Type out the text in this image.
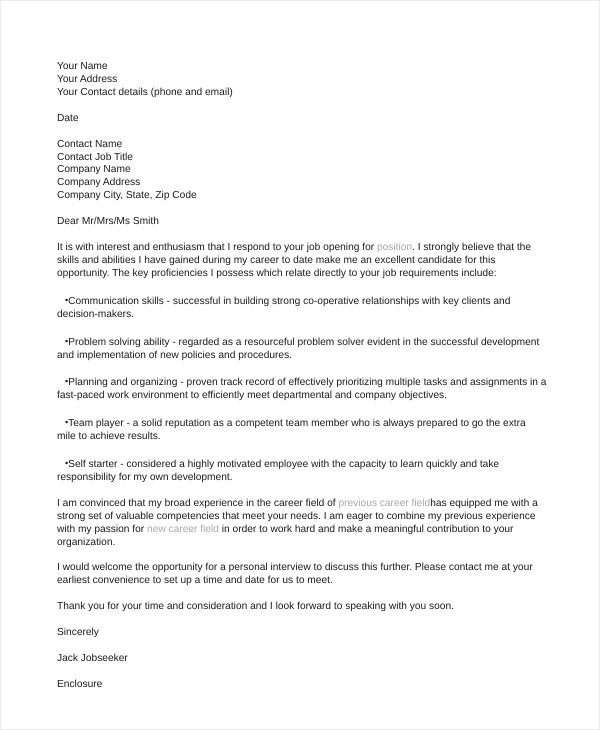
Your Name
Your Address
Your Contact details (phone and email)
Date
Contact Name
Contact Job Title
Company Name
Company Address
Company City, State, Zip Code

Dear Mr/Mrs/Ms Smith

It is with interest and enthusiasm that I respond to your job opening for position. I strongly believe that the skills and abilities I have gained during my career to date make me an excellent candidate for this opportunity. The key proficiencies I possess which relate directly to your job requirements include:

•Communication skills - successful in building strong co-operative relationships with key clients and decision-makers.
•Problem solving ability - regarded as a resourceful problem solver evident in the successful development and implementation of new policies and procedures.
•Planning and organizing - proven track record of effectively prioritizing multiple tasks and assignments in a fast-paced work environment to efficiently meet departmental and company objectives.
•Team player - a solid reputation as a competent team member who is always prepared to go the extra mile to achieve results.
•Self starter - considered a highly motivated employee with the capacity to learn quickly and take responsibility for my own development.

I am convinced that my broad experience in the career field of previous career fieldhas equipped me with a strong set of valuable competencies that meet your needs. I am eager to combine my previous experience with my passion for new career field in order to work hard and make a meaningful contribution to your organization.

I would welcome the opportunity for a personal interview to discuss this further. Please contact me at your earliest convenience to set up a time and date for us to meet.

Thank you for your time and consideration and I look forward to speaking with you soon.

Sincerely

Jack Jobseeker

Enclosure
